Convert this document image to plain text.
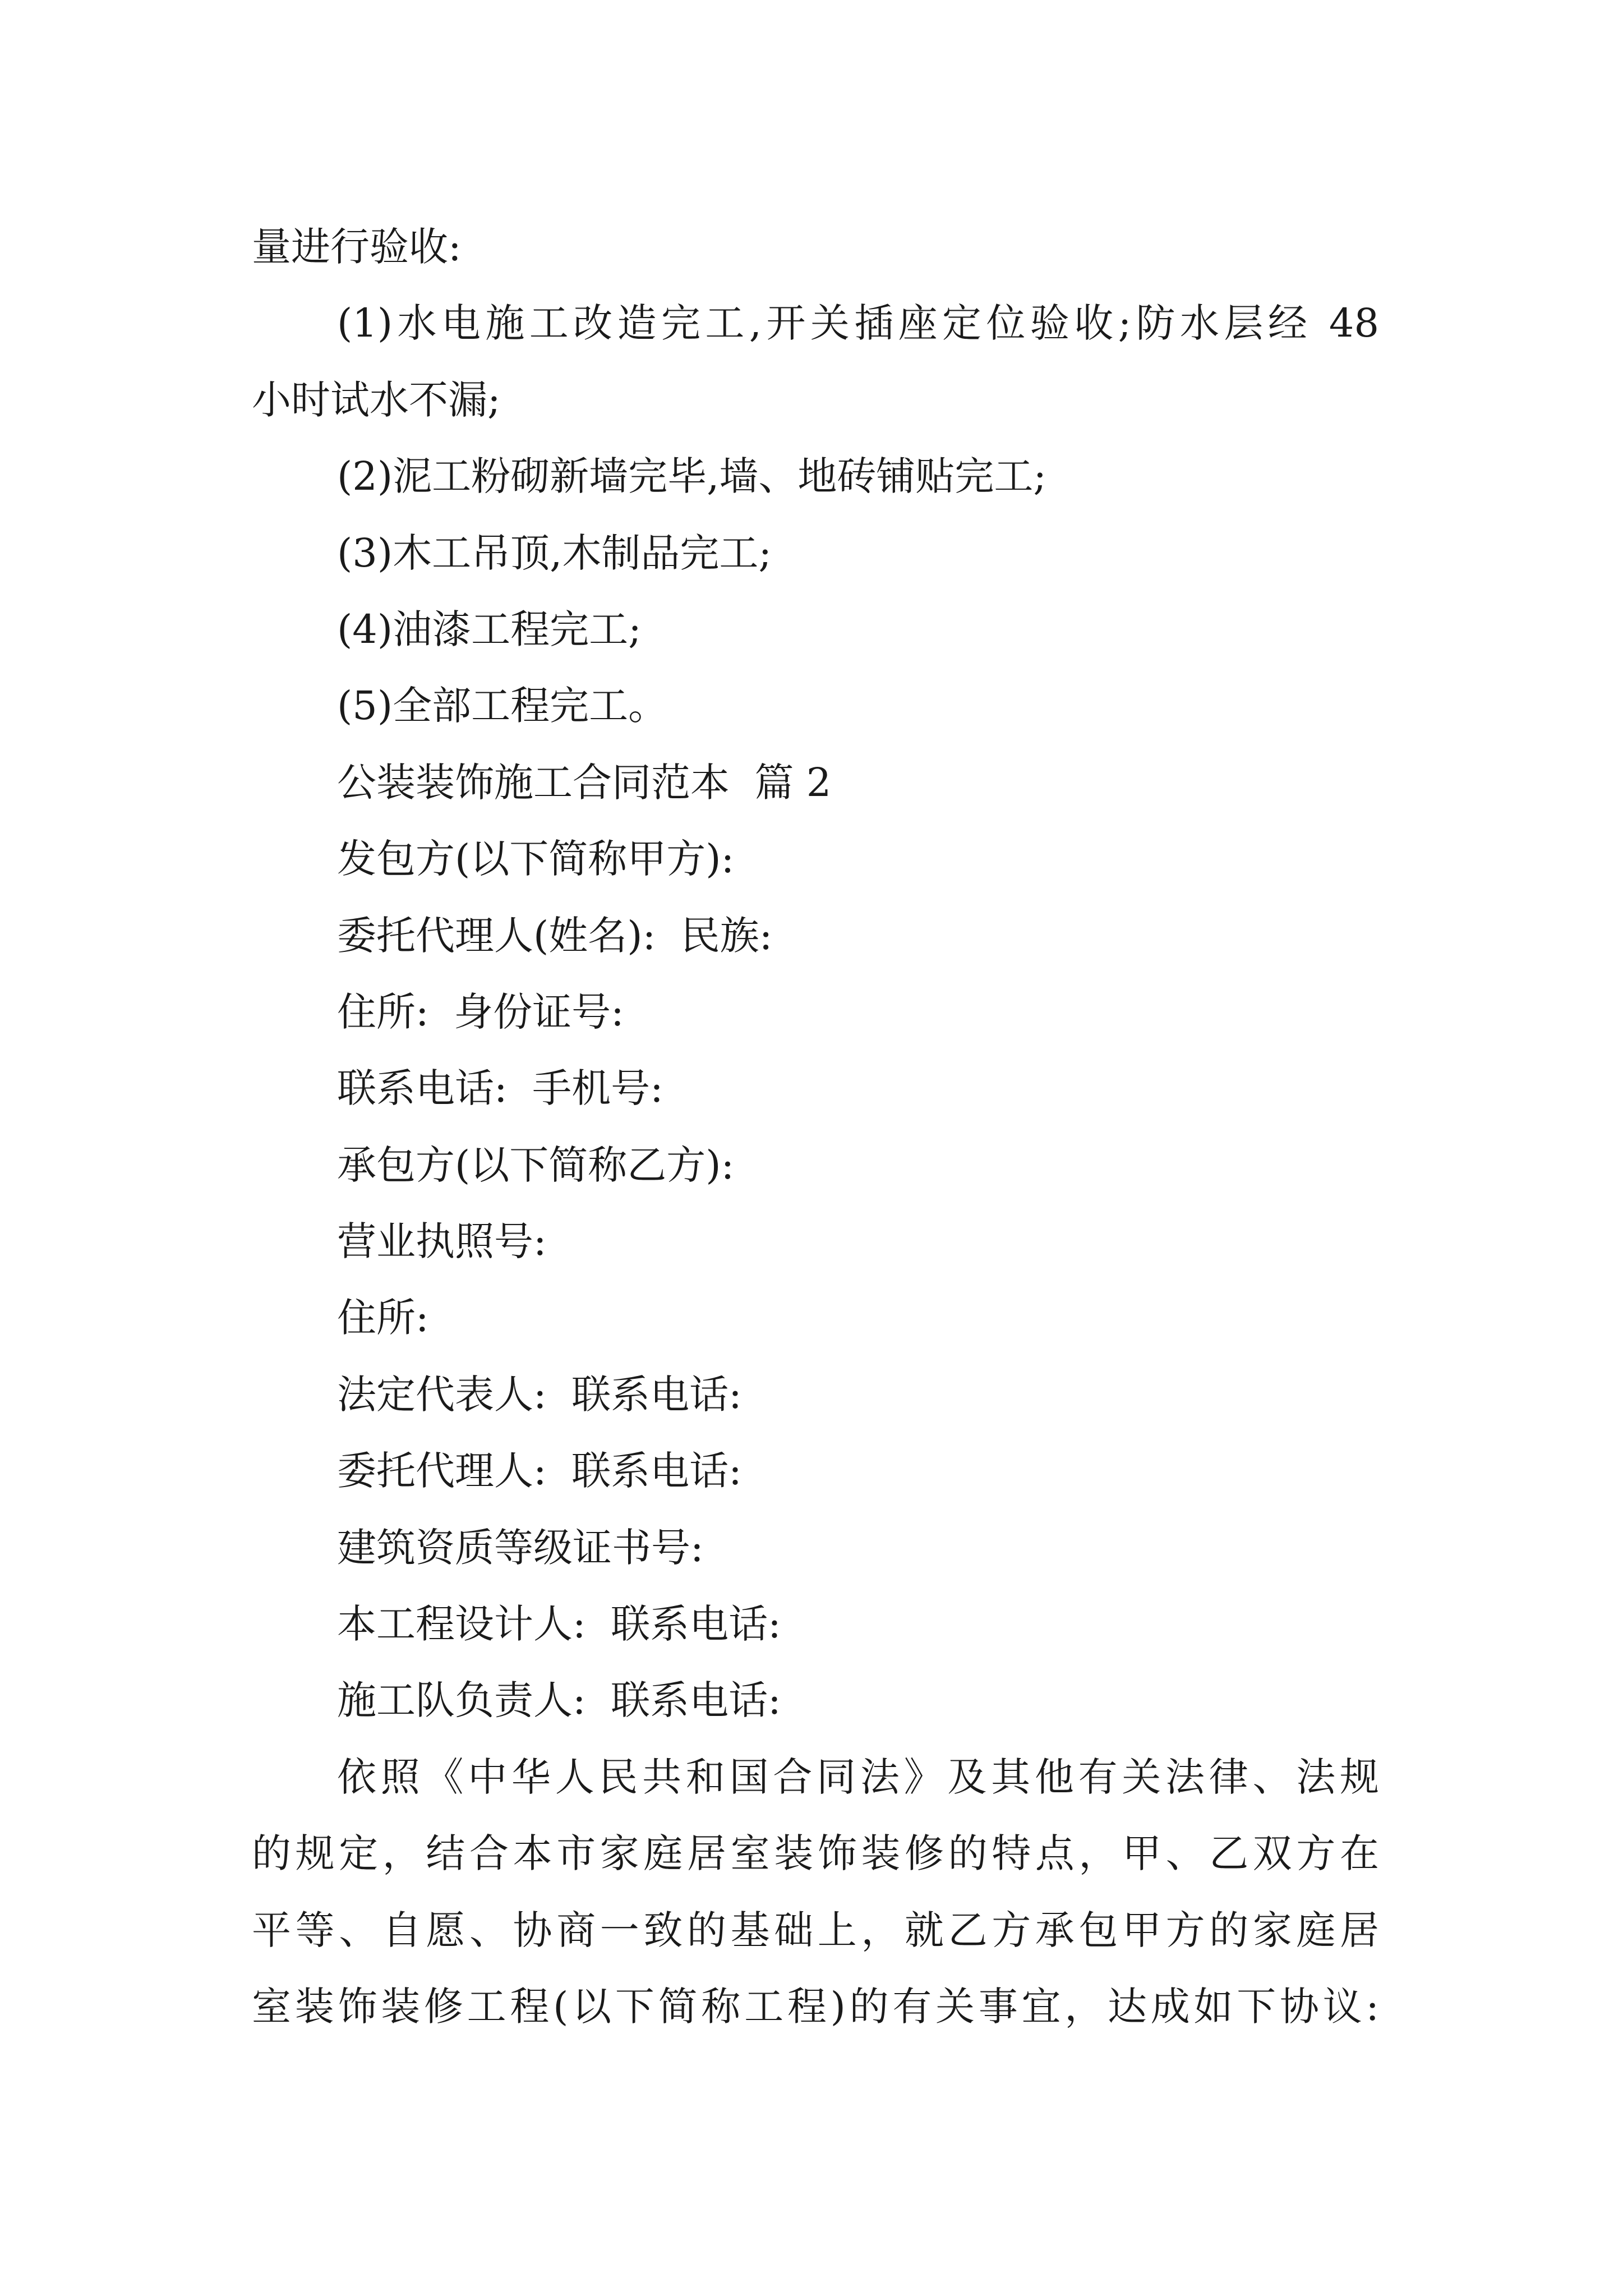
量进行验收:
(1)水电施工改造完工,开关插座定位验收;防水层经 48
小时试水不漏;
(2)泥工粉砌新墙完毕,墙、地砖铺贴完工;
(3)木工吊顶,木制品完工;
(4)油漆工程完工;
(5)全部工程完工。
公装装饰施工合同范本  篇 2
发包方(以下简称甲方):
委托代理人(姓名):  民族:
住所:  身份证号:
联系电话:  手机号:
承包方(以下简称乙方):
营业执照号:
住所:
法定代表人:  联系电话:
委托代理人:  联系电话:
建筑资质等级证书号:
本工程设计人:  联系电话:
施工队负责人:  联系电话:
依照《中华人民共和国合同法》及其他有关法律、法规
的规定，结合本市家庭居室装饰装修的特点，甲、乙双方在
平等、自愿、协商一致的基础上，就乙方承包甲方的家庭居
室装饰装修工程(以下简称工程)的有关事宜，达成如下协议:
